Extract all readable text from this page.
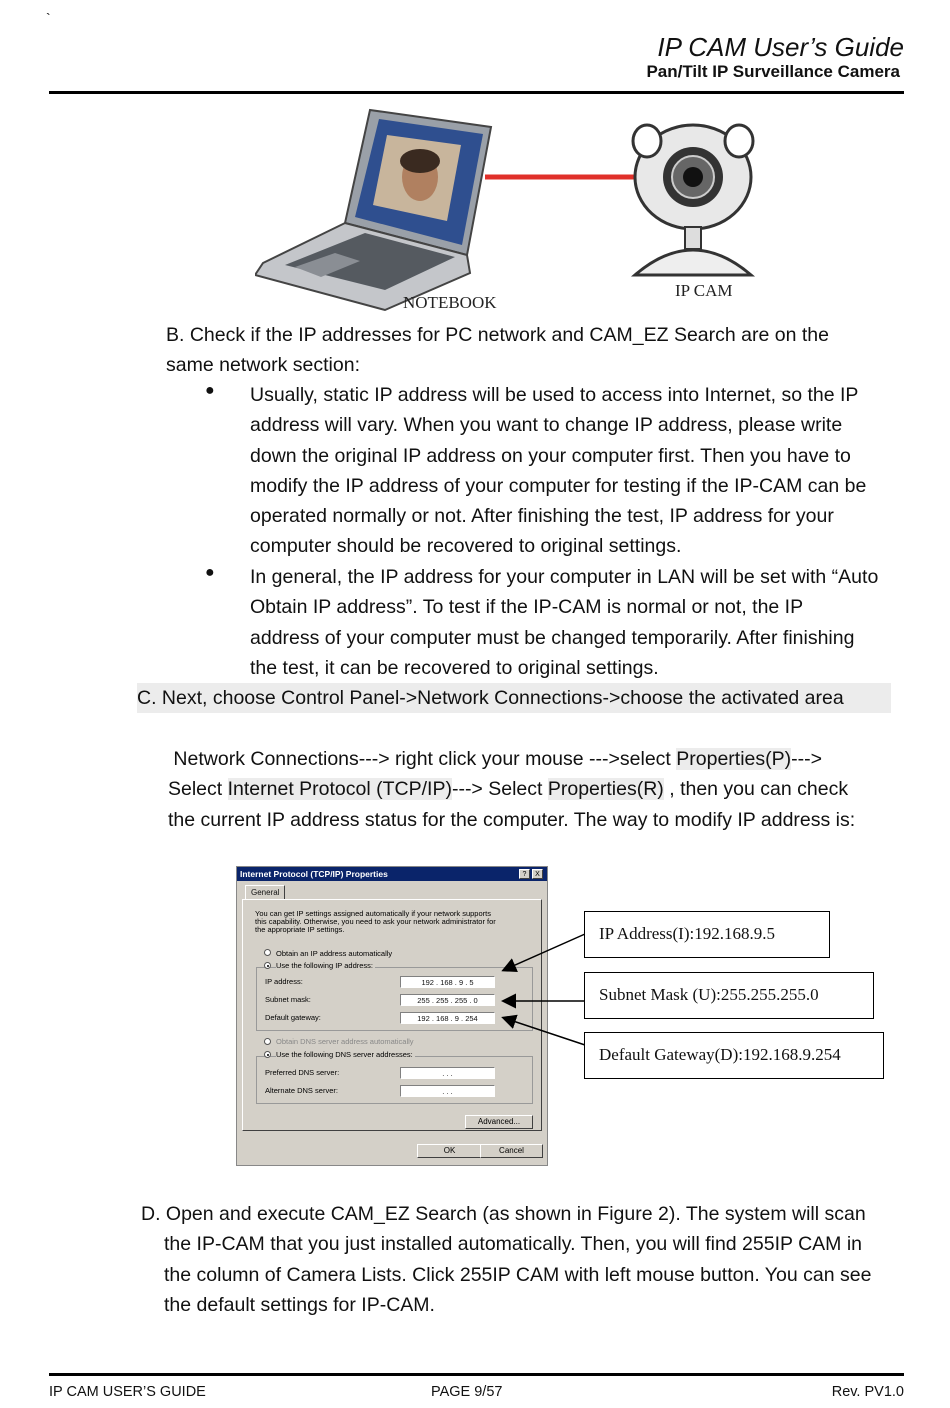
`
IP CAM User’s Guide
Pan/Tilt IP Surveillance Camera
NOTEBOOK
IP CAM
B. Check if the IP addresses for PC network and CAM_EZ Search are on the
same network section:
● Usually, static IP address will be used to access into Internet, so the IP
address will vary. When you want to change IP address, please write
down the original IP address on your computer first. Then you have to
modify the IP address of your computer for testing if the IP-CAM can be
operated normally or not. After finishing the test, IP address for your
computer should be recovered to original settings.
● In general, the IP address for your computer in LAN will be set with “Auto
Obtain IP address”. To test if the IP-CAM is normal or not, the IP
address of your computer must be changed temporarily. After finishing
the test, it can be recovered to original settings.
C. Next, choose Control Panel->Network Connections->choose the activated area
Network Connections---> right click your mouse --->select Properties(P)--->
Select Internet Protocol (TCP/IP)---> Select Properties(R) , then you can check
the current IP address status for the computer. The way to modify IP address is:
Internet Protocol (TCP/IP) Properties	?	X
General
You can get IP settings assigned automatically if your network supports
this capability. Otherwise, you need to ask your network administrator for
the appropriate IP settings.
Obtain an IP address automatically
Use the following IP address:
IP address:	192 . 168 . 9 . 5
Subnet mask:	255 . 255 . 255 . 0
Default gateway:	192 . 168 . 9 . 254
Obtain DNS server address automatically
Use the following DNS server addresses:
Preferred DNS server:	. . .
Alternate DNS server:	. . .
Advanced...
OK	Cancel
IP Address(I):192.168.9.5
Subnet Mask (U):255.255.255.0
Default Gateway(D):192.168.9.254
D. Open and execute CAM_EZ Search (as shown in Figure 2). The system will scan
the IP-CAM that you just installed automatically. Then, you will find 255IP CAM in
the column of Camera Lists. Click 255IP CAM with left mouse button. You can see
the default settings for IP-CAM.
IP CAM USER’S GUIDE	PAGE 9/57	Rev. PV1.0
